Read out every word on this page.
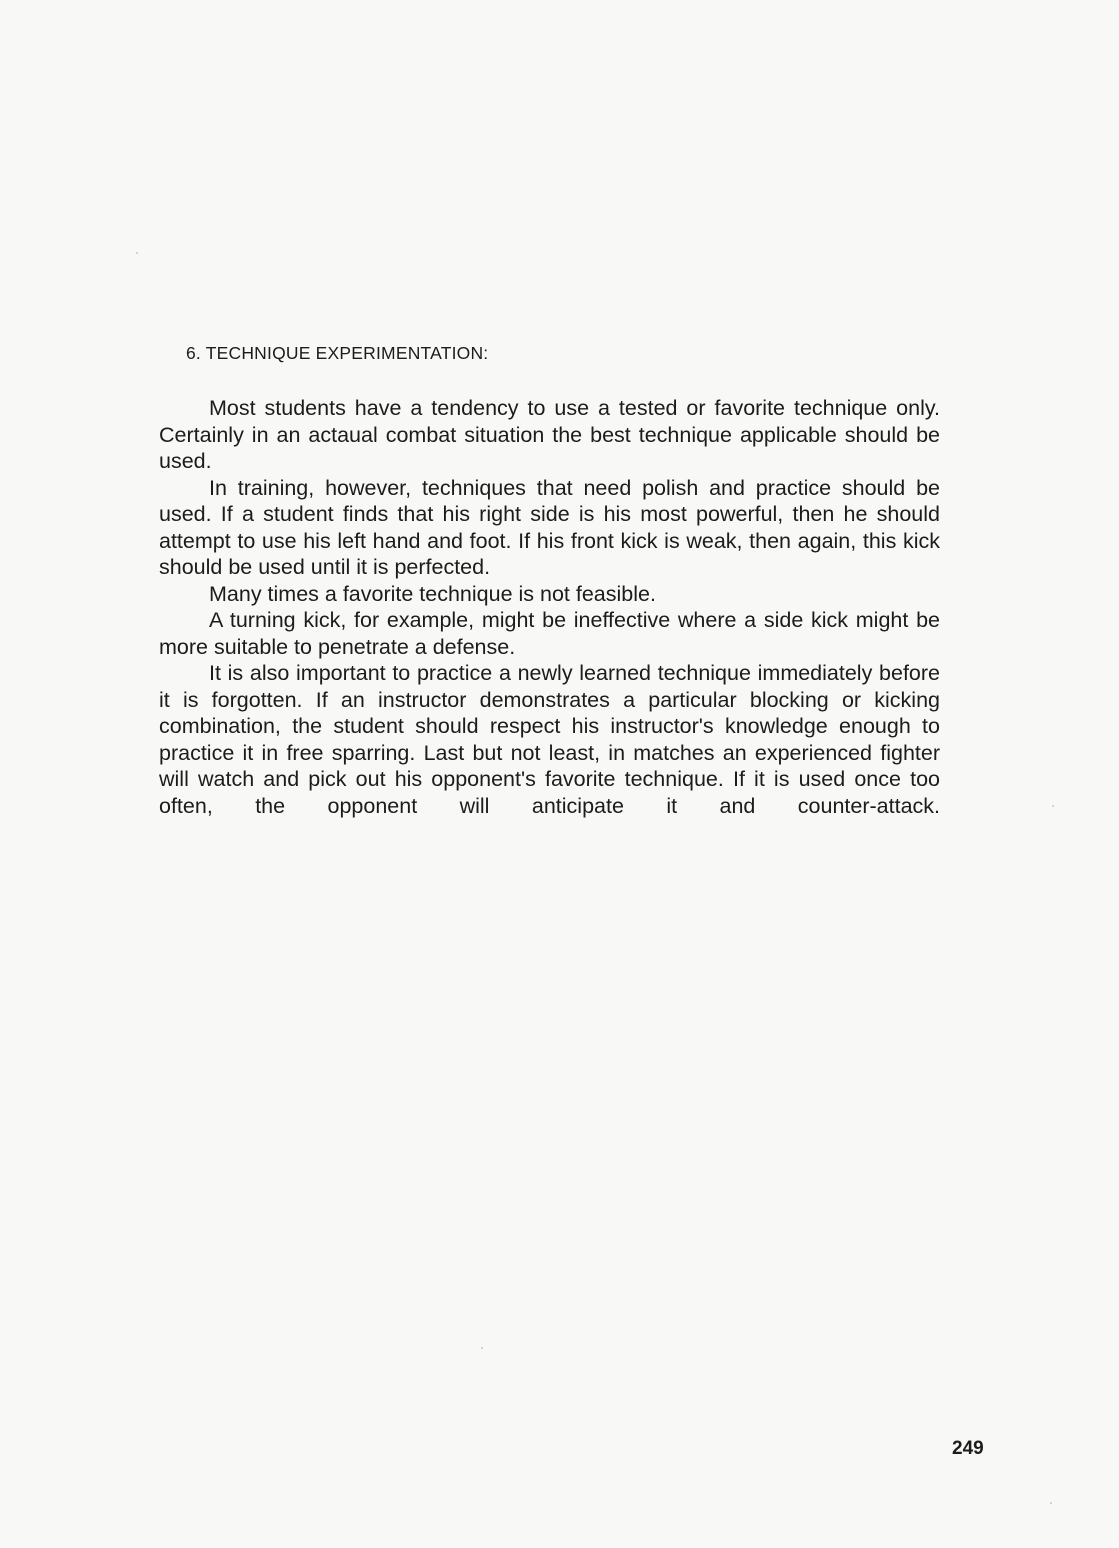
6. TECHNIQUE EXPERIMENTATION:

Most students have a tendency to use a tested or favorite technique only. Certainly in an actaual combat situation the best technique applicable should be used.

In training, however, techniques that need polish and practice should be used. If a student finds that his right side is his most powerful, then he should attempt to use his left hand and foot. If his front kick is weak, then again, this kick should be used until it is perfected.

Many times a favorite technique is not feasible.

A turning kick, for example, might be ineffective where a side kick might be more suitable to penetrate a defense.

It is also important to practice a newly learned technique immediately before it is forgotten. If an instructor demonstrates a particular blocking or kicking combination, the student should respect his instructor's knowledge enough to practice it in free sparring. Last but not least, in matches an experienced fighter will watch and pick out his opponent's favorite technique. If it is used once too often, the opponent will anticipate it and counter-attack.

249
